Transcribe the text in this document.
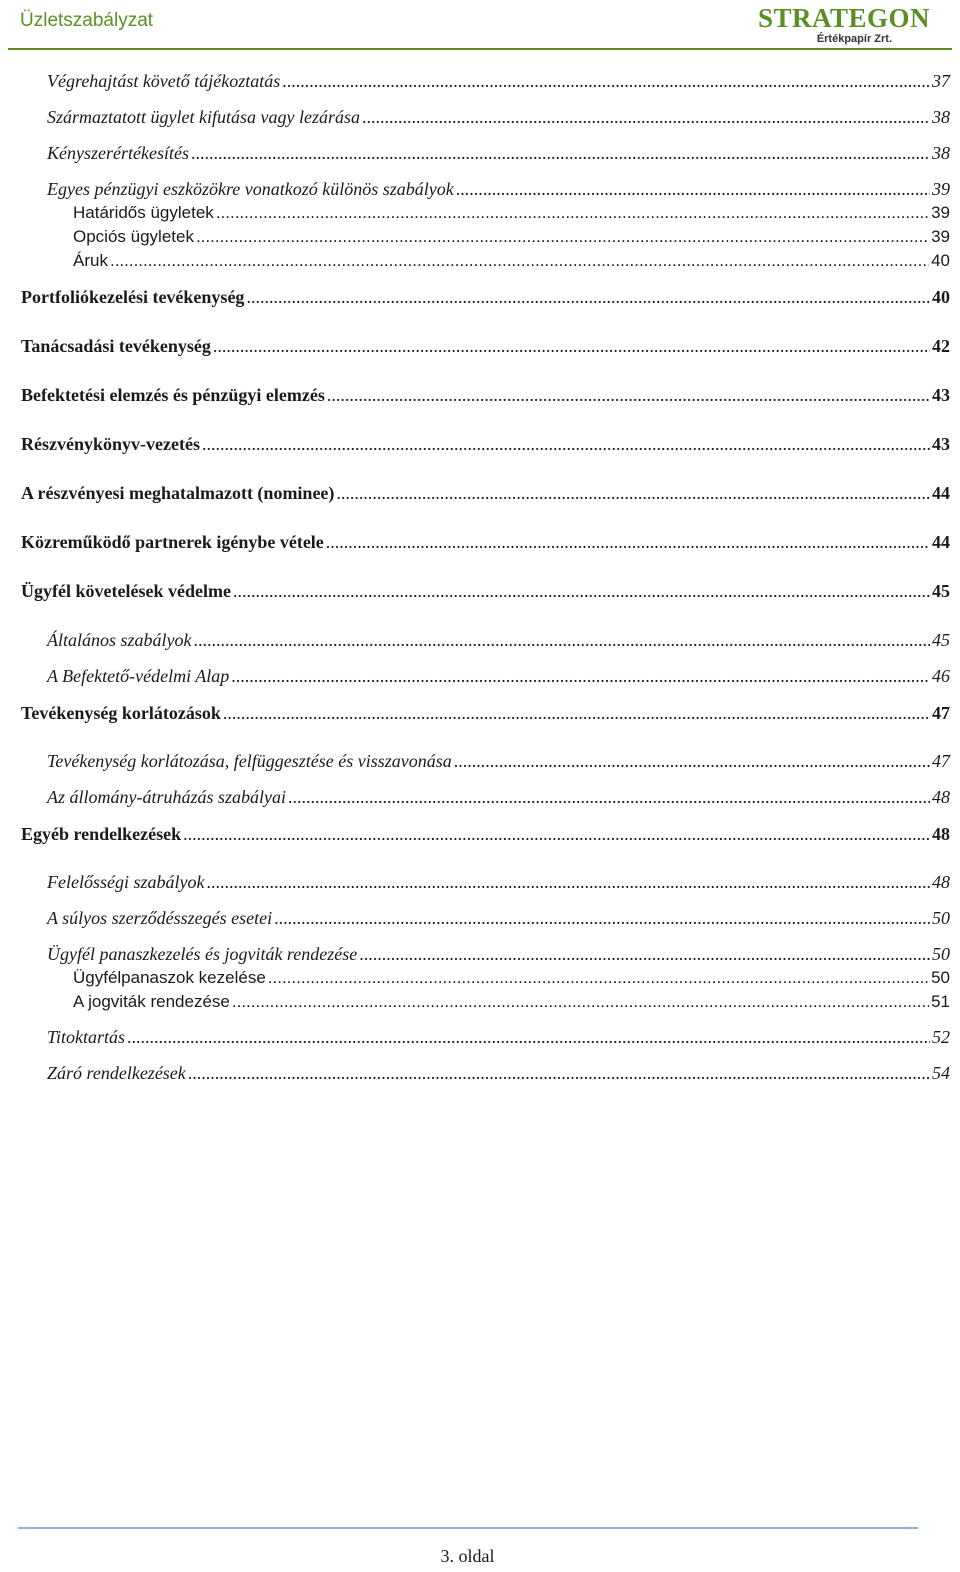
Üzletszabályzat	STRATEGON
Értékpapír Zrt.
Végrehajtást követő tájékoztatás .....	37
Származtatott ügylet kifutása vagy lezárása .....	38
Kényszerértékesítés .....	38
Egyes pénzügyi eszközökre vonatkozó különös szabályok .....	39
Határidős ügyletek .....	39
Opciós ügyletek .....	39
Áruk .....	40
Portfoliókezelési tevékenység .....	40
Tanácsadási tevékenység .....	42
Befektetési elemzés és pénzügyi elemzés .....	43
Részvénykönyv-vezetés .....	43
A részvényesi meghatalmazott (nominee) .....	44
Közreműködő partnerek igénybe vétele .....	44
Ügyfél követelések védelme .....	45
Általános szabályok .....	45
A Befektető-védelmi Alap .....	46
Tevékenység korlátozások .....	47
Tevékenység korlátozása, felfüggesztése és visszavonása .....	47
Az állomány-átruházás szabályai .....	48
Egyéb rendelkezések .....	48
Felelősségi szabályok .....	48
A súlyos szerződésszegés esetei .....	50
Ügyfél panaszkezelés és jogviták rendezése .....	50
Ügyfélpanaszok kezelése .....	50
A jogviták rendezése .....	51
Titoktartás .....	52
Záró rendelkezések .....	54
3. oldal
